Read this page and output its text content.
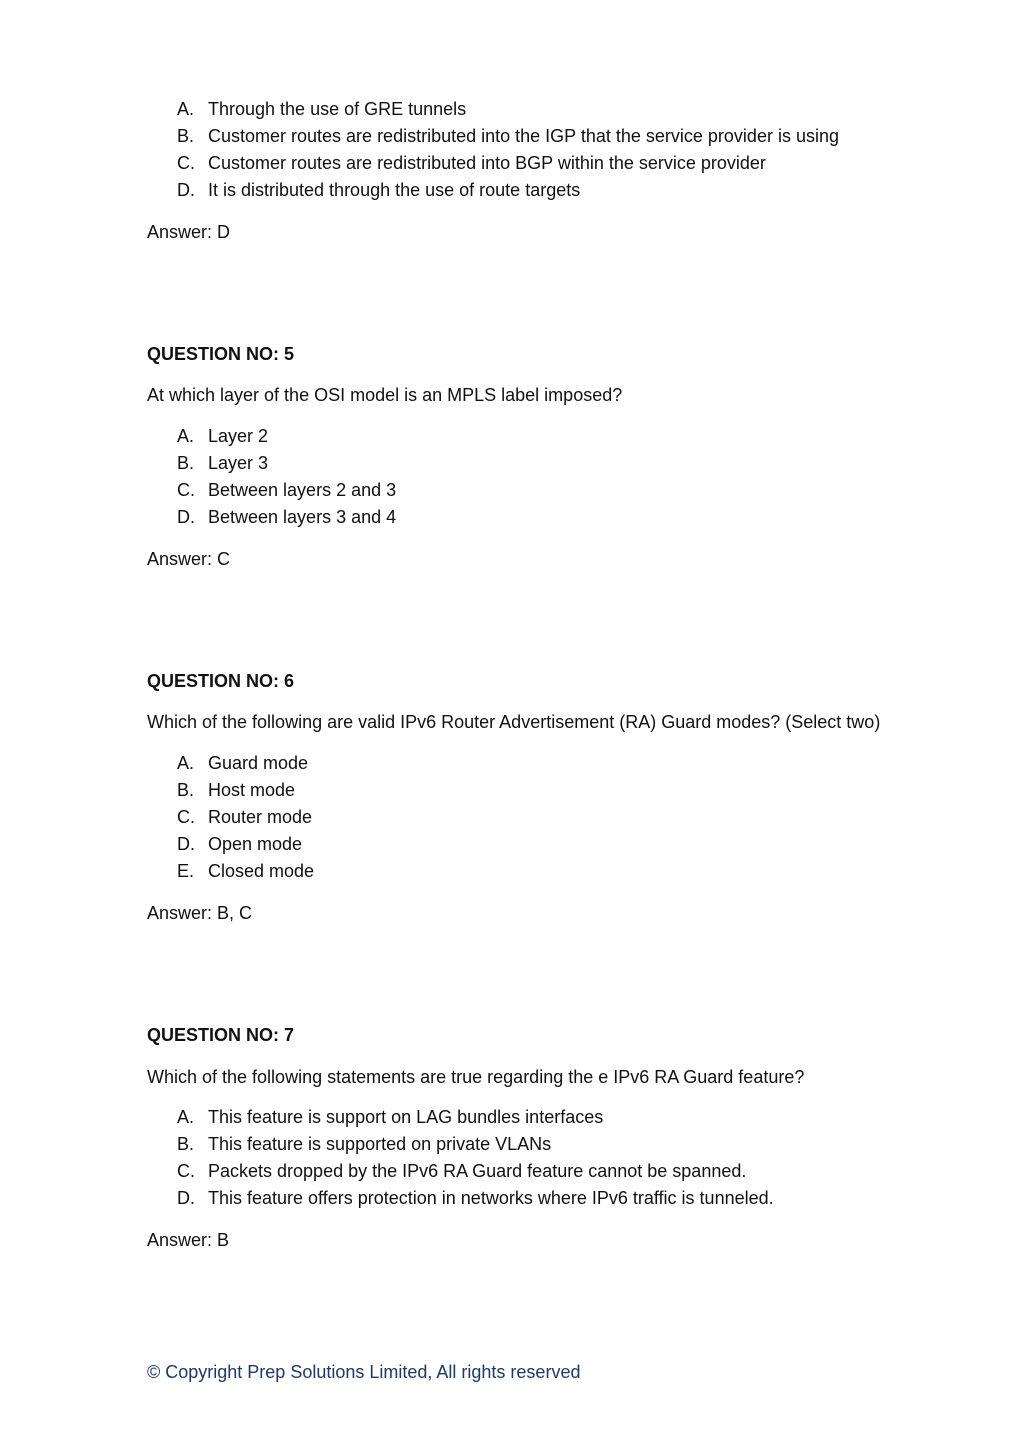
A. Through the use of GRE tunnels
B. Customer routes are redistributed into the IGP that the service provider is using
C. Customer routes are redistributed into BGP within the service provider
D. It is distributed through the use of route targets
Answer: D
QUESTION NO: 5
At which layer of the OSI model is an MPLS label imposed?
A. Layer 2
B. Layer 3
C. Between layers 2 and 3
D. Between layers 3 and 4
Answer: C
QUESTION NO: 6
Which of the following are valid IPv6 Router Advertisement (RA) Guard modes? (Select two)
A. Guard mode
B. Host mode
C. Router mode
D. Open mode
E. Closed mode
Answer: B, C
QUESTION NO: 7
Which of the following statements are true regarding the e IPv6 RA Guard feature?
A. This feature is support on LAG bundles interfaces
B. This feature is supported on private VLANs
C. Packets dropped by the IPv6 RA Guard feature cannot be spanned.
D. This feature offers protection in networks where IPv6 traffic is tunneled.
Answer: B
© Copyright Prep Solutions Limited, All rights reserved
